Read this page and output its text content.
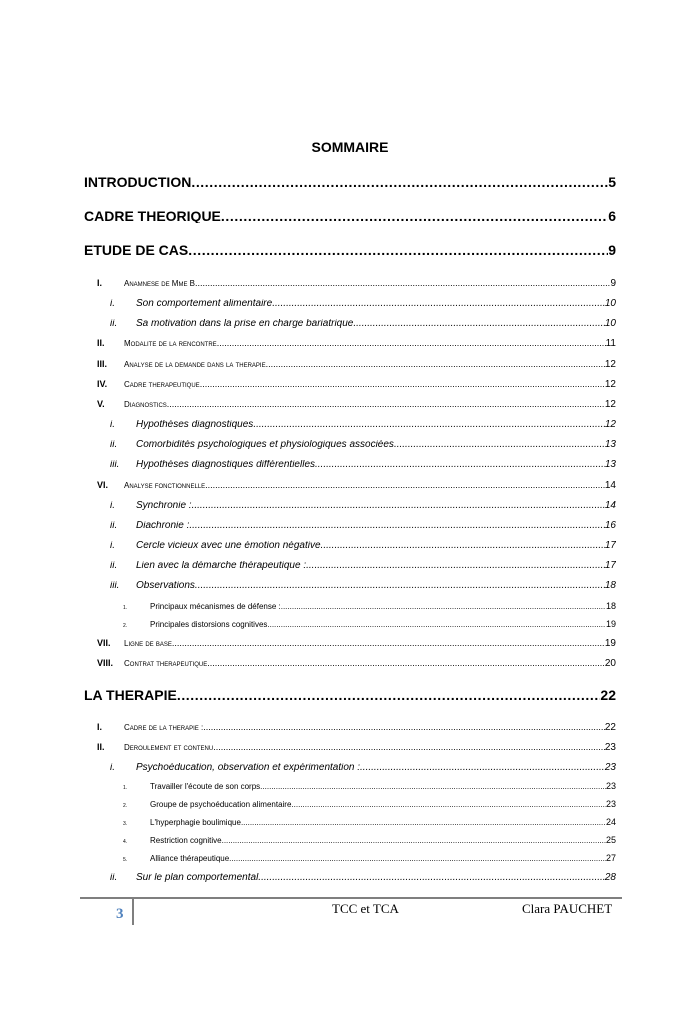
SOMMAIRE
INTRODUCTION .....	5
CADRE THEORIQUE .....	6
ETUDE DE CAS .....	9
I.	Anamnese de Mme B .....	9
i.	Son comportement alimentaire .....	10
ii.	Sa motivation dans la prise en charge bariatrique .....	10
II.	Modalite de la rencontre .....	11
III.	Analyse de la demande dans la therapie .....	12
IV.	Cadre therapeutique .....	12
V.	Diagnostics .....	12
i.	Hypothèses diagnostiques .....	12
ii.	Comorbidités psychologiques et physiologiques associées .....	13
iii.	Hypothèses diagnostiques différentielles .....	13
VI.	Analyse fonctionnelle .....	14
i.	Synchronie : .....	14
ii.	Diachronie : .....	16
i.	Cercle vicieux avec une émotion négative .....	17
ii.	Lien avec la démarche thérapeutique : .....	17
iii.	Observations .....	18
1.	Principaux mécanismes de défense : .....	18
2.	Principales distorsions cognitives .....	19
VII.	Ligne de base .....	19
VIII.	Contrat therapeutique .....	20
LA THERAPIE .....	22
I.	Cadre de la therapie : .....	22
II.	Deroulement et contenu .....	23
i.	Psychoéducation, observation et expérimentation : .....	23
1.	Travailler l'écoute de son corps .....	23
2.	Groupe de psychoéducation alimentaire .....	23
3.	L'hyperphagie boulimique .....	24
4.	Restriction cognitive .....	25
5.	Alliance thérapeutique .....	27
ii.	Sur le plan comportemental .....	28
3	TCC et TCA	Clara PAUCHET
